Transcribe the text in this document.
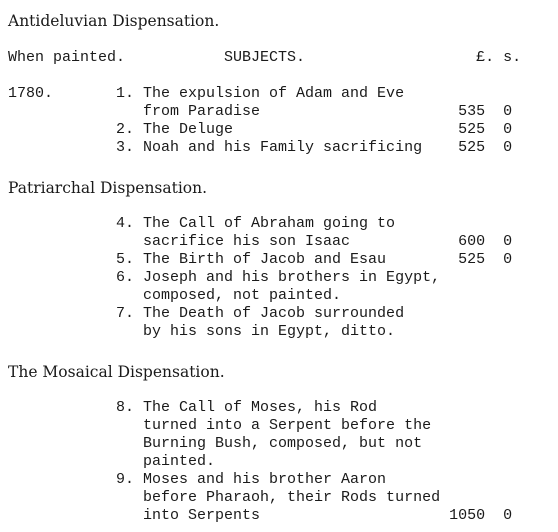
Antideluvian Dispensation.
When painted.           SUBJECTS.                   £. s.
1780.       1. The expulsion of Adam and Eve
from Paradise                      535  0
2. The Deluge                         525  0
3. Noah and his Family sacrificing    525  0
Patriarchal Dispensation.
4. The Call of Abraham going to
sacrifice his son Isaac            600  0
5. The Birth of Jacob and Esau        525  0
6. Joseph and his brothers in Egypt,
composed, not painted.
7. The Death of Jacob surrounded
by his sons in Egypt, ditto.
The Mosaical Dispensation.
8. The Call of Moses, his Rod
turned into a Serpent before the
Burning Bush, composed, but not
painted.
9. Moses and his brother Aaron
before Pharaoh, their Rods turned
into Serpents                     1050  0
